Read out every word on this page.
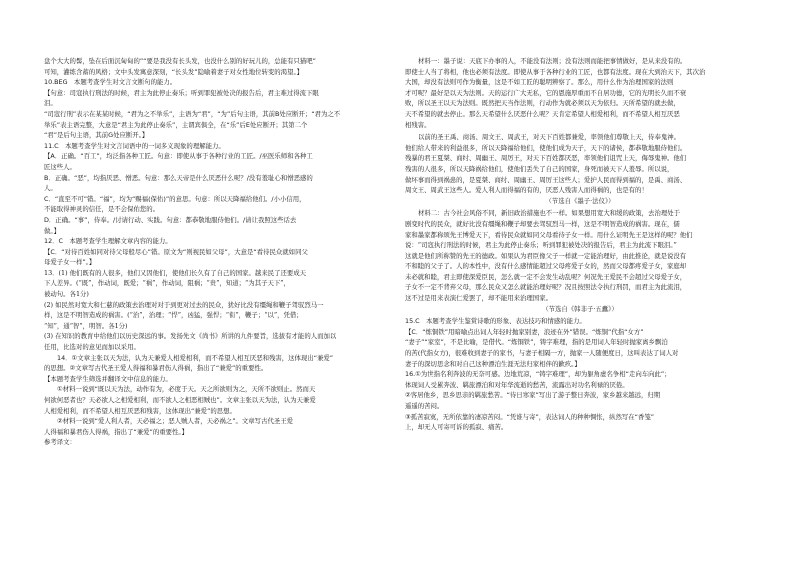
盘个大大的髻，坠在后面沉甸甸的”“要是我没有长头发，也没什么别的好玩儿的，总能有只猫吧”
可知，灌练含蓄的风格；文中头发寓意深刻，“长头发”隐喻着妻子对女性地位转变的渴望。】
10.BEG　本题考查学生对文言文断句的能力。
【句意：司寇执行刑法的时候，君主为此停止奏乐；听到罪犯被处决的报告后，君主难过得流下眼
泪。
“司寇行刑”表示在某某时候，“君为之不举乐”，主语为“君”，“为”后句主语，其前B处应断开；“君为之不
举乐”表主语完整，大意是“君主为此停止奏乐”，主谓宾俱全，在“乐”后E处应断开；其第二个
“君”是后句主语，其前G处应断开。】
11.C　本题考查学生对文言词语中的一词多义现象的理解能力。
【A．正确。“百工”，均泛指各种工匠。句意：即使从事于各种行业的工匠。/巫医乐师和各种工
匠这些人。
B．正确。“恶”，均指厌恶、憎恶。句意：那么天帝是什么厌恶什么呢？/没有羞耻心和憎恶感的
人。
C．“直至不可”错。“福”，均为“赐福(保佑)”的意思。句意：所以天降福给他们。/小小信用，
不能取得神灵的信任，是不会保佑您的。
D．正确。“事”，侍奉。/讨请行动、实践。句意：都恭敬地服侍他们。/请让我照这些话去
做。】
12．C　本题考查学生理解文章内容的能力。
【C．“对待百姓如同对待父母般尽心”错。原文为“则视民如父母”，大意是“看待民众就如同父
母爱子女一样”。】
13．(1) 他们既有的人很多，他们又因他们，使他们长久有了自己的国家。越来民了还要成天
下人差异。(“既”，作动词，既爱；“祸”，作动词，阻祸；“贵”，知道；“为其子天下”，
被动句。各1分)
(2) 如民然对宽大和仁慈的政策去治理对对于到更对过去的民众，犹好比没有缰绳和鞭子驾驭烈马一
样，这是不明智造成的祸害。(“治”，治理；“悍”，凶猛，强悍；“衔”，鞭子；“以”，凭借；
“知”，通“智”，明智。各1分)
(3) 在知识的教育中给他们以历史深远的事。发扬先文《尚书》所讲的九件要旨，选拔有才能的人而加以
任用，比选对的意见而加以采用。
14．①文章主张以天为法，认为天兼爱人相爱相利，而不希望人相互厌恶和残害，这体现出“兼爱”
的思想。②文章写古代圣王爱人得福和暴君伤人得祸，指出了“兼爱”的重要性。
【本题考查学生筛选并翻译文中信息的能力。
①材料一说到“既以天为法，动作有为，必度于天。天之所欲则为之，天所不欲则止。然而天
何欲何恶者也？天必欲人之相爱相利，而不欲人之相恶相贼也”。文章主张以天为法，认为天兼爱
人相爱相利，而不希望人相互厌恶和残害，这体现出“兼爱”的思想。
②材料一说到“爱人利人者，天必福之；恶人贼人者，天必祸之”。文章写古代圣王爱
人得福和暴君伤人得祸，指出了“兼爱”的重要性。】
参考译文：
材料一：墨子说：天底下办事的人，不能没有法则；没有法则而能把事情做好，是从来没有的。
即使士人当了将相，他也必须有法度。即使从事于各种行业的工匠，也都有法度。现在大到治天下，其次治
大国，却没有法则可作为衡量，这是不如工匠的聪明辨察了。那么，用什么作为治理国家的法则
才可呢？最好是以天为法则。天的运行广大无私，它的恩施厚重而不自居功德，它的光明长久而不衰
败，所以圣王以天为法则。既然把天当作法则，行动作为就必须以天为依归。天所希望的就去做，
天不希望的就去停止。那么天希望什么厌恶什么呢？天肯定希望人相爱相利，而不希望人相互厌恶
相残害。
以前的圣王禹、商汤、周文王、周武王，对天下百姓都兼爱，率领他们尊敬上天，侍奉鬼神。
他们给人带来的利益很多，所以天降福给他们，使他们成为天子，天下的诸侯，都恭敬地服侍他们。
残暴的君王夏桀、商纣、周幽王、周厉王，对天下百姓都厌恶，率领他们诅咒上天，侮辱鬼神。他们
残害的人很多，所以天降祸给他们，使他们丢失了自己的国家，身死而被天下人羞辱。所以说，
做坏事而得到祸患的，是夏桀、商纣、周幽王、周厉王这些人；爱护人民而得到福的，是禹、商汤、
周文王、周武王这些人。爱人利人而得福的有的，厌恶人残害人而得祸的，也是有的！
（节选自《墨子·法仪》）
材料二：古今社会风俗不同，新旧政治措施也不一样。如果想用宽大和缓的政策，去治理处于
剧变时代的民众，就好比没有缰绳和鞭子却要去驾驭烈马一样，这是不明智造成的祸害。现在，儒
家和墨家都称颂先王博爱天下，看待民众就如同父母看待子女一样。用什么证明先王是这样的呢？他们
说：“司寇执行刑法的时候，君主为此停止奏乐；听到罪犯被处决的报告后，君主为此流下眼泪。”
这就是他们所称赞的先王的德政。如果认为君臣像父子一样就一定能治理好，由此推论，就是说没有
不和睦的父子了。人的本性中，没有什么感情能超过父母疼爱子女的，然而父母都疼爱子女，家庭却
未必就和睦，君主即使深爱臣民，怎么就一定不会发生动乱呢？何况先王爱民不会超过父母爱子女，
子女不一定不背弃父母，那么民众又怎么就能治理好呢？况且按照法令执行刑罚，而君主为此流泪，
这不过是用来表演仁爱罢了，却不能用来治理国家。
（节选自《韩非子·五蠹》）
15.C　本题考查学生鉴赏诗歌的形象、表达技巧和情感的能力。
【C．“炼铜铁”用暗喻点出词人年轻时抛家别妻，浪迹在外”错误。“炼铜”代指“女方”
“妻子”“家室”，不是比喻，是借代。“炼铜铁”，铸字难理，指的是用词人年轻时抛家离乡飘泊
的苦(代指女方)，很难收到妻子的家书，与妻子相隔一方，抛家一人随便度日，这叫表达了词人对
妻子的深切思念和对自己这种漂泊生涯无法归家相伴的歉疚。】
16.①为世指名利奔波的无奈可感。边地荒凉，“铸字难理”，却为躯角虚名争相“走向车向此”；
体现词人受累奔波、羁旅漂泊和对年华流逝的愁苦，流露出对功名利禄的厌倦。
②客居他乡，思乡思亲的羁旅愁苦。“待日寒家”写出了游子整日奔波，家乡越来越远，归期
遥遥的苦闷。
③孤苦寂寞，无所依靠的凄凉苦闷。“凭谁与寄”，表达词人的种种惆怅，纵然写在“香笺”
上，却无人可寄可诉的孤寂、痛苦。
